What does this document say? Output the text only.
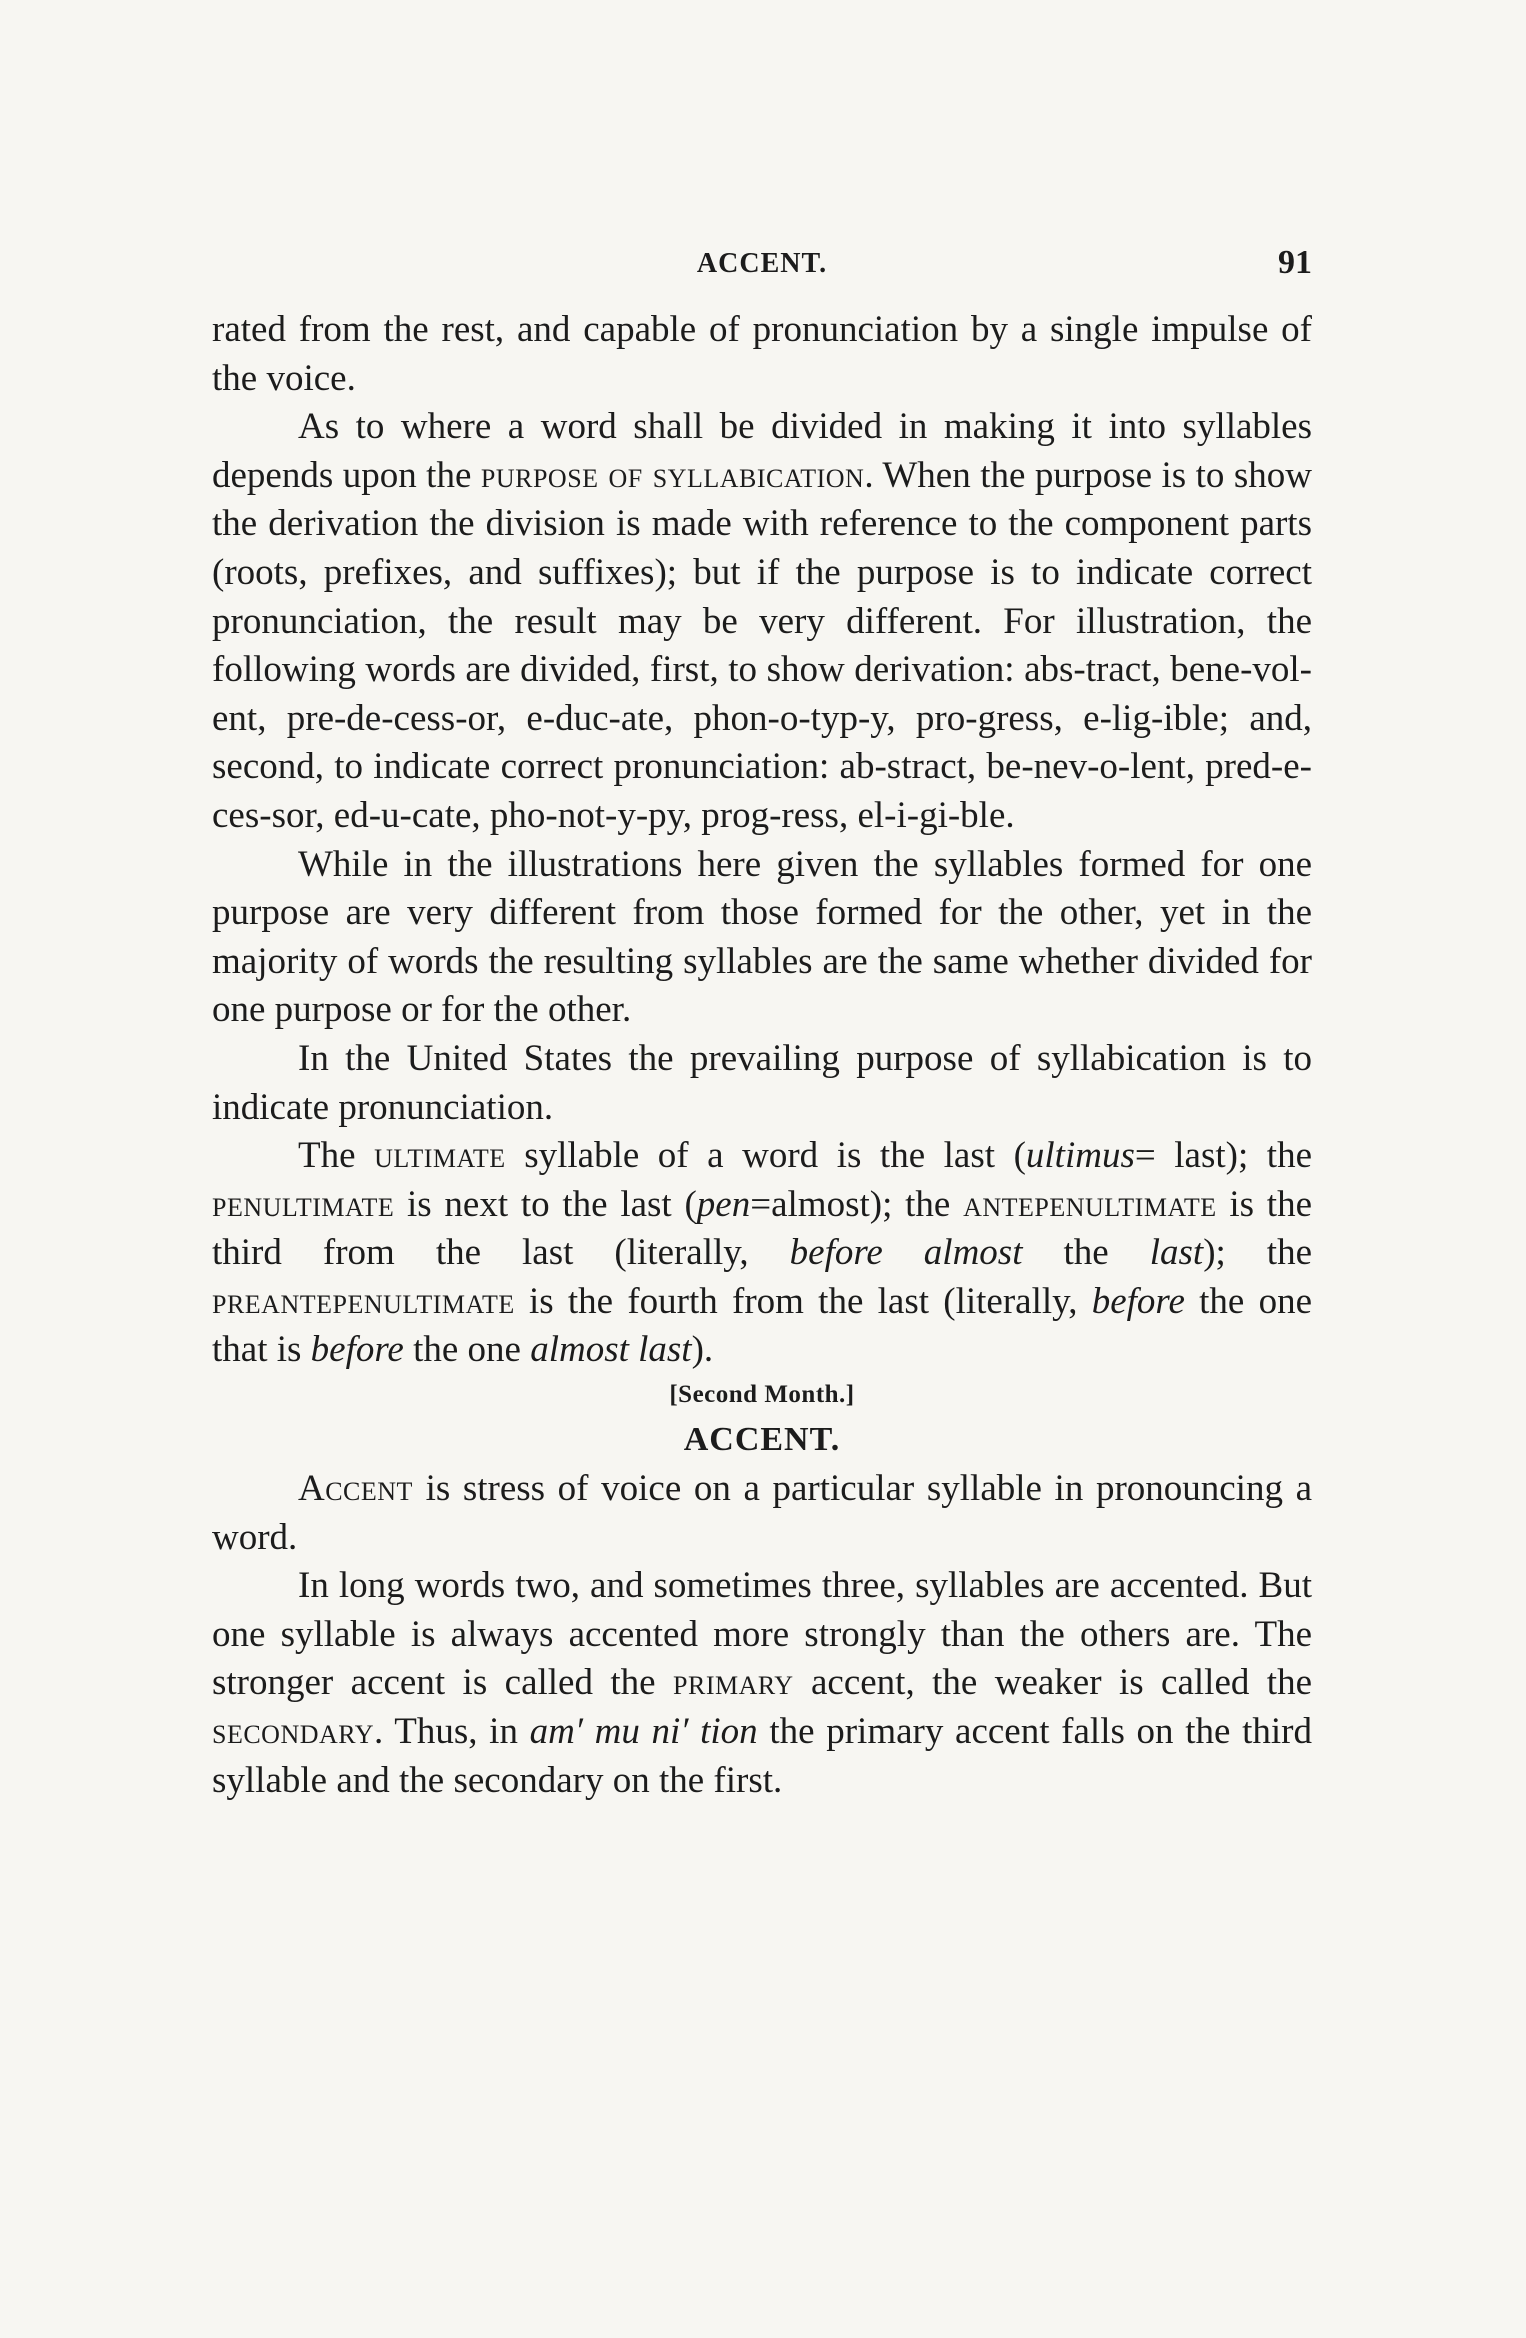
ACCENT.	91

rated from the rest, and capable of pronunciation by a single impulse of the voice.

As to where a word shall be divided in making it into syllables depends upon the purpose of syllabication. When the purpose is to show the derivation the division is made with reference to the component parts (roots, prefixes, and suffixes); but if the purpose is to indicate correct pronunciation, the result may be very different. For illustration, the following words are divided, first, to show derivation: abs-tract, bene-vol-ent, pre-de-cess-or, e-duc-ate, phon-o-typ-y, pro-gress, e-lig-ible; and, second, to indicate correct pronunciation: ab-stract, be-nev-o-lent, pred-e-ces-sor, ed-u-cate, pho-not-y-py, prog-ress, el-i-gi-ble.

While in the illustrations here given the syllables formed for one purpose are very different from those formed for the other, yet in the majority of words the resulting syllables are the same whether divided for one purpose or for the other.

In the United States the prevailing purpose of syllabication is to indicate pronunciation.

The ultimate syllable of a word is the last (ultimus= last); the penultimate is next to the last (pen=almost); the antepenultimate is the third from the last (literally, before almost the last); the preantepenultimate is the fourth from the last (literally, before the one that is before the one almost last).

[Second Month.]
ACCENT.

Accent is stress of voice on a particular syllable in pronouncing a word.

In long words two, and sometimes three, syllables are accented. But one syllable is always accented more strongly than the others are. The stronger accent is called the primary accent, the weaker is called the secondary. Thus, in am′ mu ni′ tion the primary accent falls on the third syllable and the secondary on the first.
